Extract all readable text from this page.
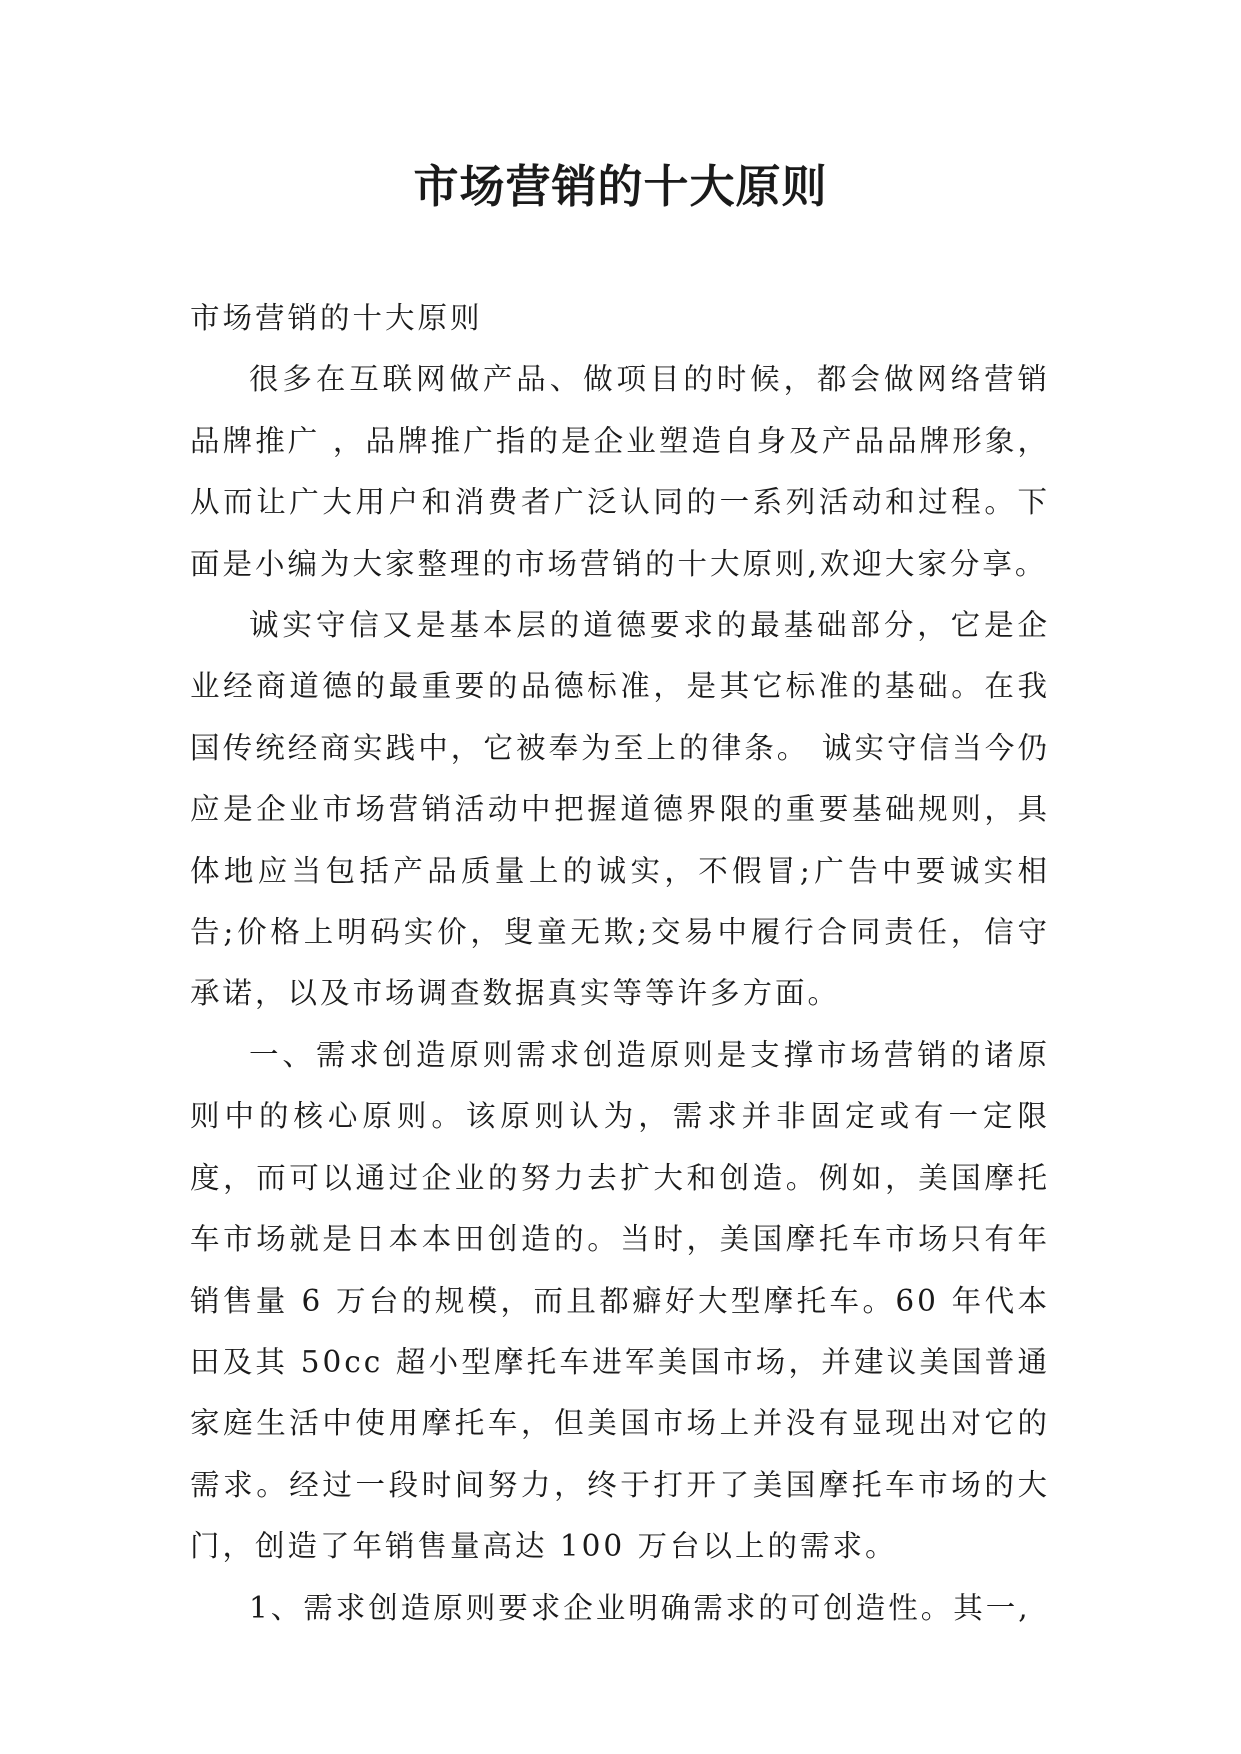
市场营销的十大原则

市场营销的十大原则

很多在互联网做产品、做项目的时候，都会做网络营销品牌推广 ，品牌推广指的是企业塑造自身及产品品牌形象，从而让广大用户和消费者广泛认同的一系列活动和过程。下面是小编为大家整理的市场营销的十大原则,欢迎大家分享。

诚实守信又是基本层的道德要求的最基础部分，它是企业经商道德的最重要的品德标准，是其它标准的基础。在我国传统经商实践中，它被奉为至上的律条。 诚实守信当今仍应是企业市场营销活动中把握道德界限的重要基础规则，具体地应当包括产品质量上的诚实，不假冒;广告中要诚实相告;价格上明码实价，叟童无欺;交易中履行合同责任，信守承诺，以及市场调查数据真实等等许多方面。

一、需求创造原则需求创造原则是支撑市场营销的诸原则中的核心原则。该原则认为，需求并非固定或有一定限度，而可以通过企业的努力去扩大和创造。例如，美国摩托车市场就是日本本田创造的。当时，美国摩托车市场只有年销售量 6 万台的规模，而且都癖好大型摩托车。60 年代本田及其 50cc 超小型摩托车进军美国市场，并建议美国普通家庭生活中使用摩托车，但美国市场上并没有显现出对它的需求。经过一段时间努力，终于打开了美国摩托车市场的大门，创造了年销售量高达 100 万台以上的需求。

1、需求创造原则要求企业明确需求的可创造性。其一,
